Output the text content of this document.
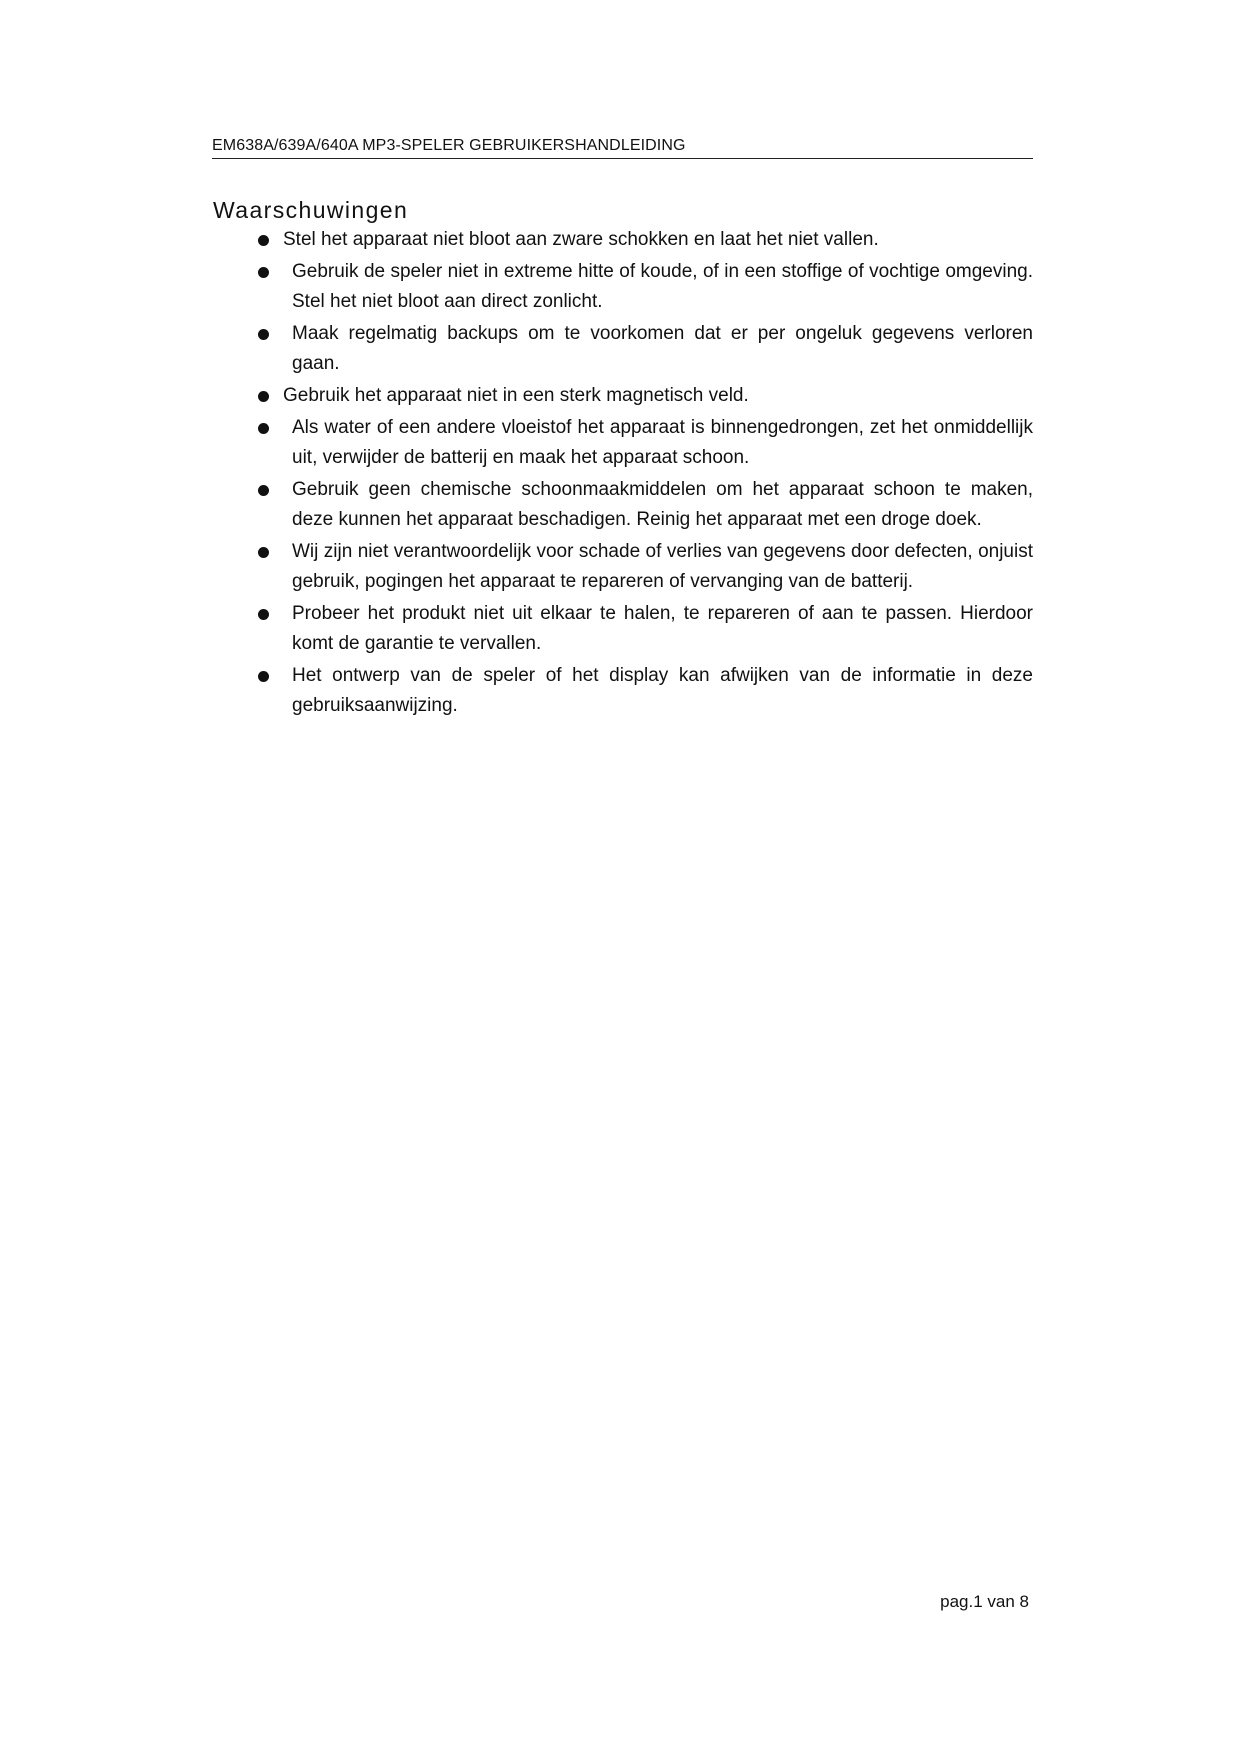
EM638A/639A/640A MP3-SPELER GEBRUIKERSHANDLEIDING
Waarschuwingen
Stel het apparaat niet bloot aan zware schokken en laat het niet vallen.
Gebruik de speler niet in extreme hitte of koude, of in een stoffige of vochtige omgeving. Stel het niet bloot aan direct zonlicht.
Maak regelmatig backups om te voorkomen dat er per ongeluk gegevens verloren gaan.
Gebruik het apparaat niet in een sterk magnetisch veld.
Als water of een andere vloeistof het apparaat is binnengedrongen, zet het onmiddellijk uit, verwijder de batterij en maak het apparaat schoon.
Gebruik geen chemische schoonmaakmiddelen om het apparaat schoon te maken, deze kunnen het apparaat beschadigen. Reinig het apparaat met een droge doek.
Wij zijn niet verantwoordelijk voor schade of verlies van gegevens door defecten, onjuist gebruik, pogingen het apparaat te repareren of vervanging van de batterij.
Probeer het produkt niet uit elkaar te halen, te repareren of aan te passen. Hierdoor komt de garantie te vervallen.
Het ontwerp van de speler of het display kan afwijken van de informatie in deze gebruiksaanwijzing.
pag.1 van 8
